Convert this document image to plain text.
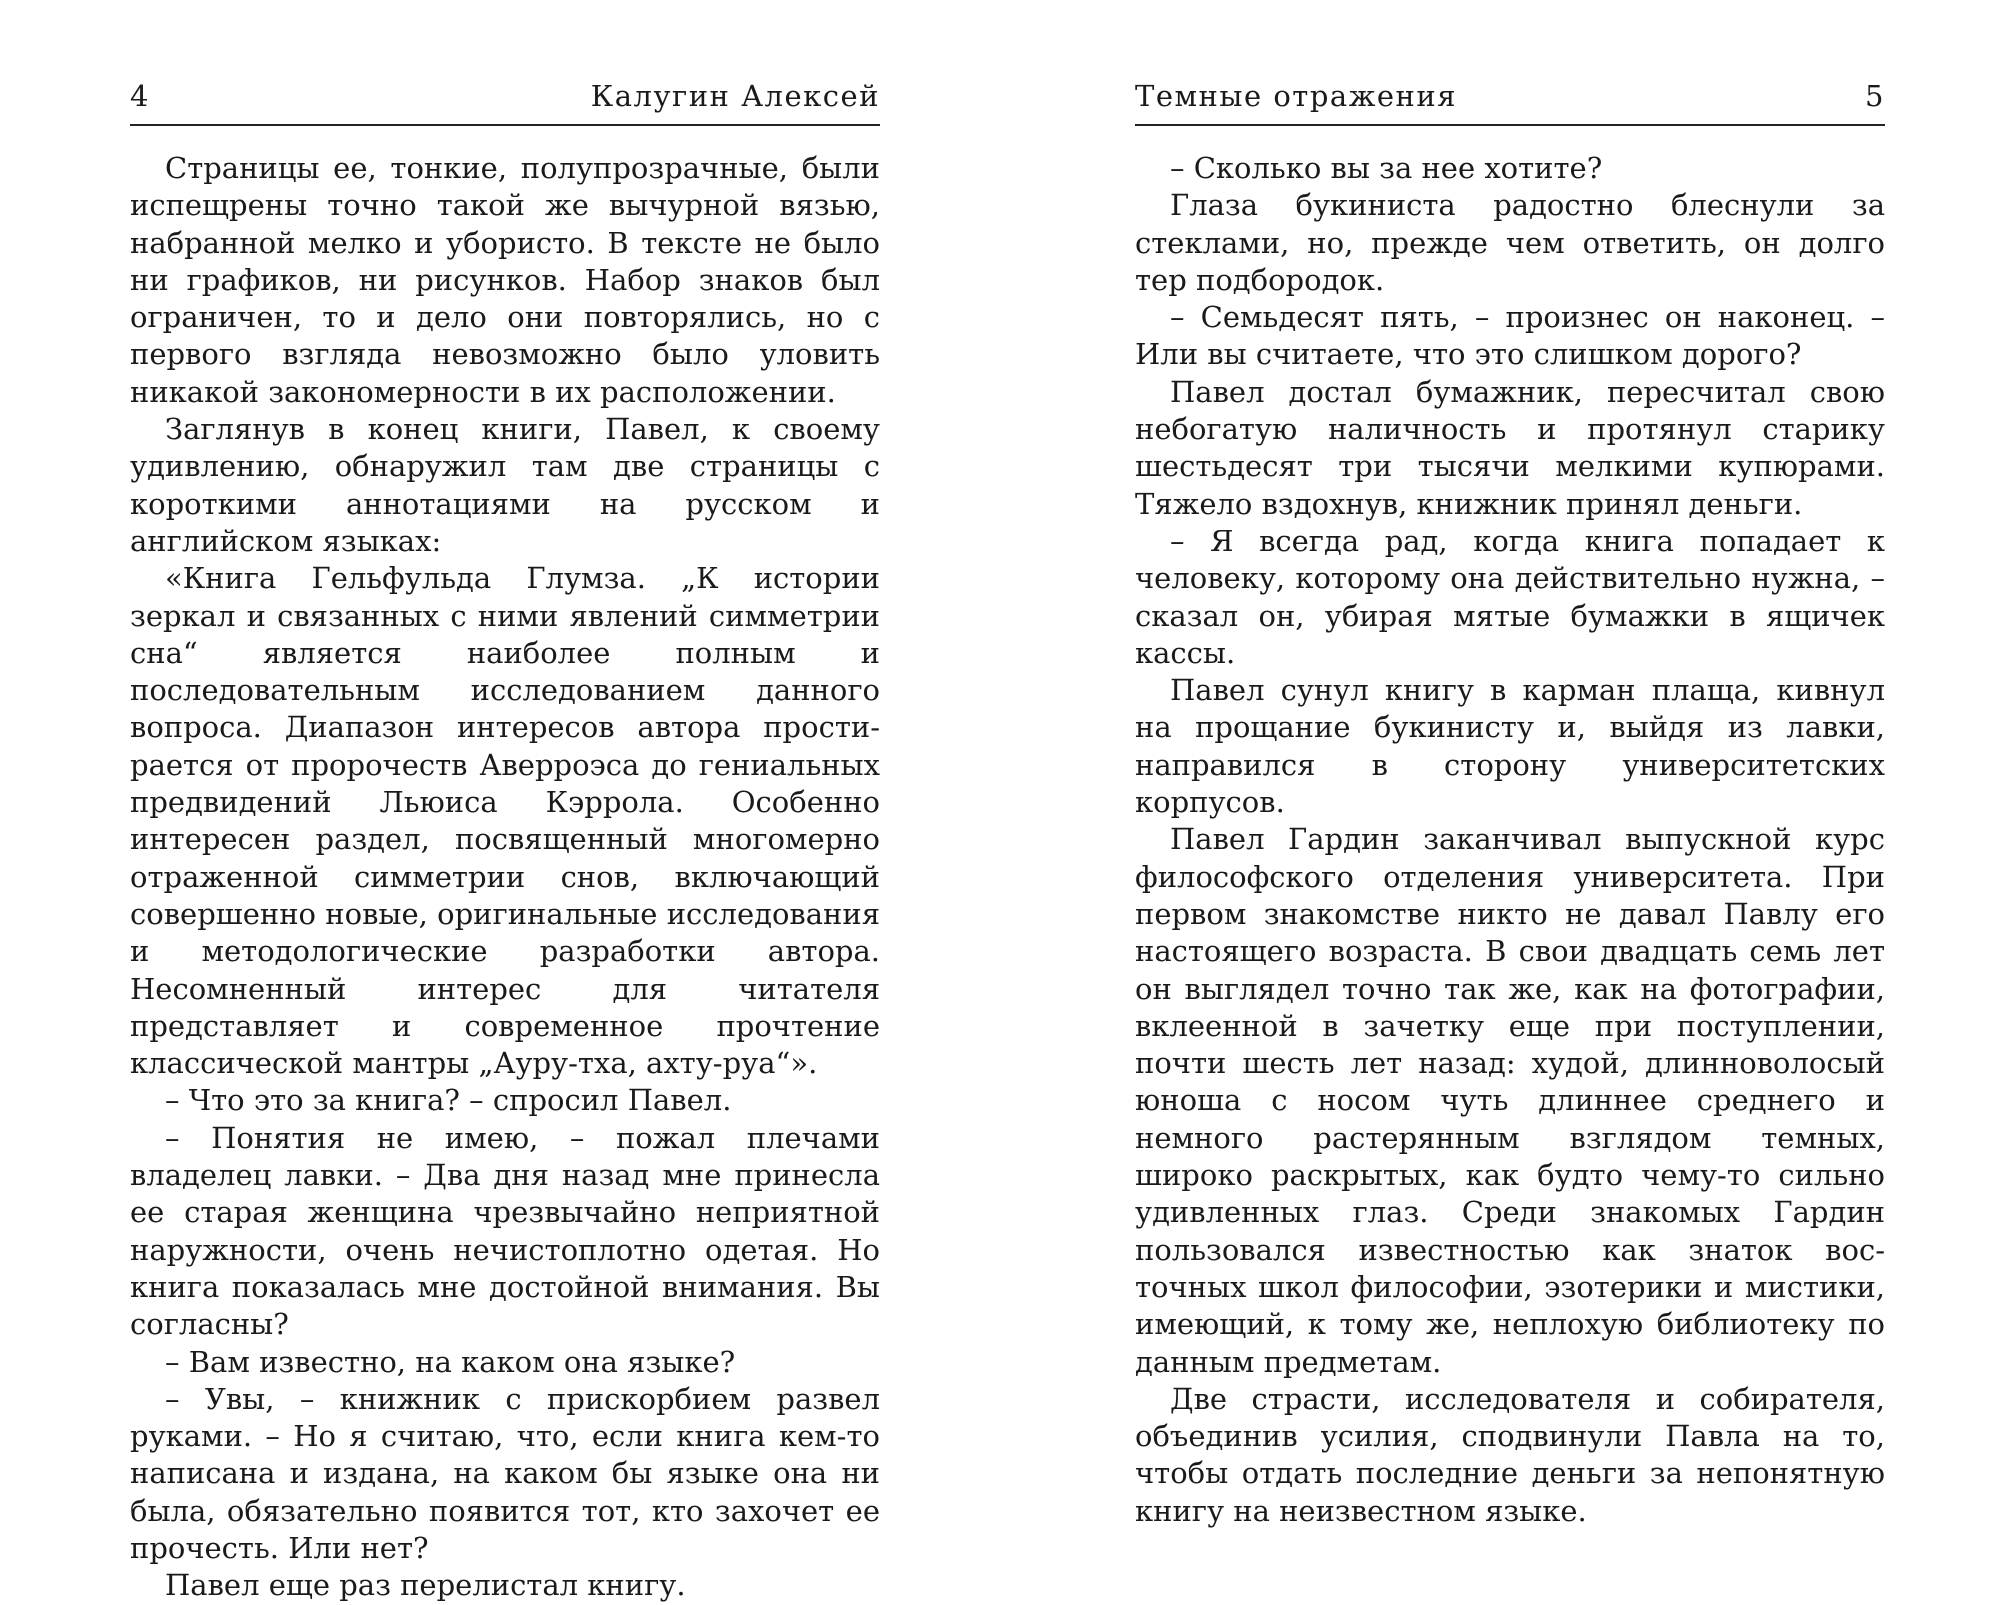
4	Калугин Алексей

Страницы ее, тонкие, полупрозрачные, были испещрены точно такой же вычурной вязью, набранной мелко и убористо. В тексте не было ни графиков, ни рисунков. Набор знаков был ограничен, то и дело они повторялись, но с первого взгляда невозможно было уловить никакой закономерности в их расположении.

Заглянув в конец книги, Павел, к своему удивлению, обнаружил там две страницы с короткими аннотациями на русском и английском языках:

«Книга Гельфульда Глумза. „К истории зеркал и связанных с ними явлений симметрии сна“ является наиболее полным и последовательным исследованием данного вопроса. Диапазон интересов автора простирается от пророчеств Аверроэса до гениальных предвидений Льюиса Кэррола. Особенно интересен раздел, посвященный многомерно отраженной симметрии снов, включающий совершенно новые, оригинальные исследования и методологические разработки автора. Несомненный интерес для читателя представляет и современное прочтение классической мантры „Ауру-тха, ахту-руа“».

– Что это за книга? – спросил Павел.

– Понятия не имею, – пожал плечами владелец лавки. – Два дня назад мне принесла ее старая женщина чрезвычайно неприятной наружности, очень нечистоплотно одетая. Но книга показалась мне достойной внимания. Вы согласны?

– Вам известно, на каком она языке?

– Увы, – книжник с прискорбием развел руками. – Но я считаю, что, если книга кем-то написана и издана, на каком бы языке она ни была, обязательно появится тот, кто захочет ее прочесть. Или нет?

Павел еще раз перелистал книгу.

Темные отражения	5

– Сколько вы за нее хотите?

Глаза букиниста радостно блеснули за стеклами, но, прежде чем ответить, он долго тер подбородок.

– Семьдесят пять, – произнес он наконец. – Или вы считаете, что это слишком дорого?

Павел достал бумажник, пересчитал свою небогатую наличность и протянул старику шестьдесят три тысячи мелкими купюрами. Тяжело вздохнув, книжник принял деньги.

– Я всегда рад, когда книга попадает к человеку, которому она действительно нужна, – сказал он, убирая мятые бумажки в ящичек кассы.

Павел сунул книгу в карман плаща, кивнул на прощание букинисту и, выйдя из лавки, направился в сторону университетских корпусов.

Павел Гардин заканчивал выпускной курс философского отделения университета. При первом знакомстве никто не давал Павлу его настоящего возраста. В свои двадцать семь лет он выглядел точно так же, как на фотографии, вклеенной в зачетку еще при поступлении, почти шесть лет назад: худой, длинноволосый юноша с носом чуть длиннее среднего и немного растерянным взглядом темных, широко раскрытых, как будто чему-то сильно удивленных глаз. Среди знакомых Гардин пользовался известностью как знаток восточных школ философии, эзотерики и мистики, имеющий, к тому же, неплохую библиотеку по данным предметам.

Две страсти, исследователя и собирателя, объединив усилия, сподвинули Павла на то, чтобы отдать последние деньги за непонятную книгу на неизвестном языке.
